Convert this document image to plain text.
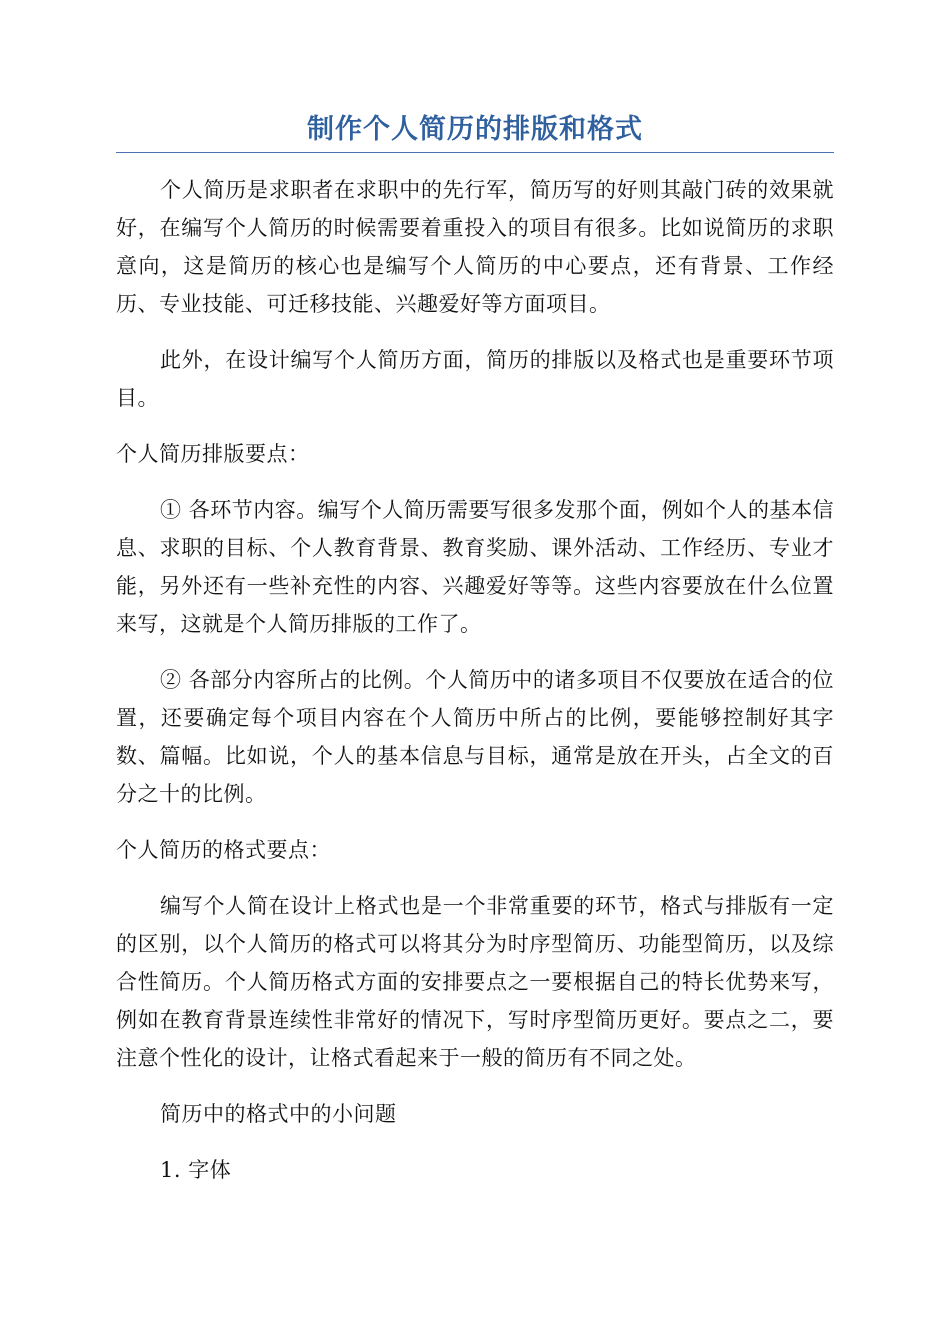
制作个人简历的排版和格式

个人简历是求职者在求职中的先行军，简历写的好则其敲门砖的效果就好，在编写个人简历的时候需要着重投入的项目有很多。比如说简历的求职意向，这是简历的核心也是编写个人简历的中心要点，还有背景、工作经历、专业技能、可迁移技能、兴趣爱好等方面项目。

此外，在设计编写个人简历方面，简历的排版以及格式也是重要环节项目。

个人简历排版要点：

① 各环节内容。编写个人简历需要写很多发那个面，例如个人的基本信息、求职的目标、个人教育背景、教育奖励、课外活动、工作经历、专业才能，另外还有一些补充性的内容、兴趣爱好等等。这些内容要放在什么位置来写，这就是个人简历排版的工作了。

② 各部分内容所占的比例。个人简历中的诸多项目不仅要放在适合的位置，还要确定每个项目内容在个人简历中所占的比例，要能够控制好其字数、篇幅。比如说，个人的基本信息与目标，通常是放在开头，占全文的百分之十的比例。

个人简历的格式要点：

编写个人简在设计上格式也是一个非常重要的环节，格式与排版有一定的区别，以个人简历的格式可以将其分为时序型简历、功能型简历，以及综合性简历。个人简历格式方面的安排要点之一要根据自己的特长优势来写，例如在教育背景连续性非常好的情况下，写时序型简历更好。要点之二，要注意个性化的设计，让格式看起来于一般的简历有不同之处。

简历中的格式中的小问题

1. 字体
